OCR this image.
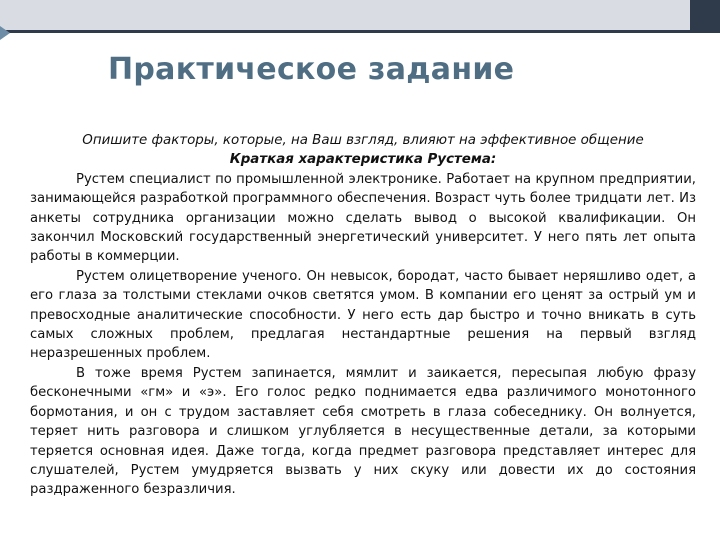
Практическое задание
Опишите факторы, которые, на Ваш взгляд, влияют на эффективное общение
Краткая характеристика Рустема:

Рустем специалист по промышленной электронике. Работает на крупном предприятии, занимающейся разработкой программного обеспечения. Возраст чуть более тридцати лет. Из анкеты сотрудника организации можно сделать вывод о высокой квалификации. Он закончил Московский государственный энергетический университет. У него пять лет опыта работы в коммерции.

Рустем олицетворение ученого. Он невысок, бородат, часто бывает неряшливо одет, а его глаза за толстыми стеклами очков светятся умом. В компании его ценят за острый ум и превосходные аналитические способности. У него есть дар быстро и точно вникать в суть самых сложных проблем, предлагая нестандартные решения на первый взгляд неразрешенных проблем.

В тоже время Рустем запинается, мямлит и заикается, пересыпая любую фразу бесконечными «гм» и «э». Его голос редко поднимается едва различимого монотонного бормотания, и он с трудом заставляет себя смотреть в глаза собеседнику. Он волнуется, теряет нить разговора и слишком углубляется в несущественные детали, за которыми теряется основная идея. Даже тогда, когда предмет разговора представляет интерес для слушателей, Рустем умудряется вызвать у них скуку или довести их до состояния раздраженного безразличия.
